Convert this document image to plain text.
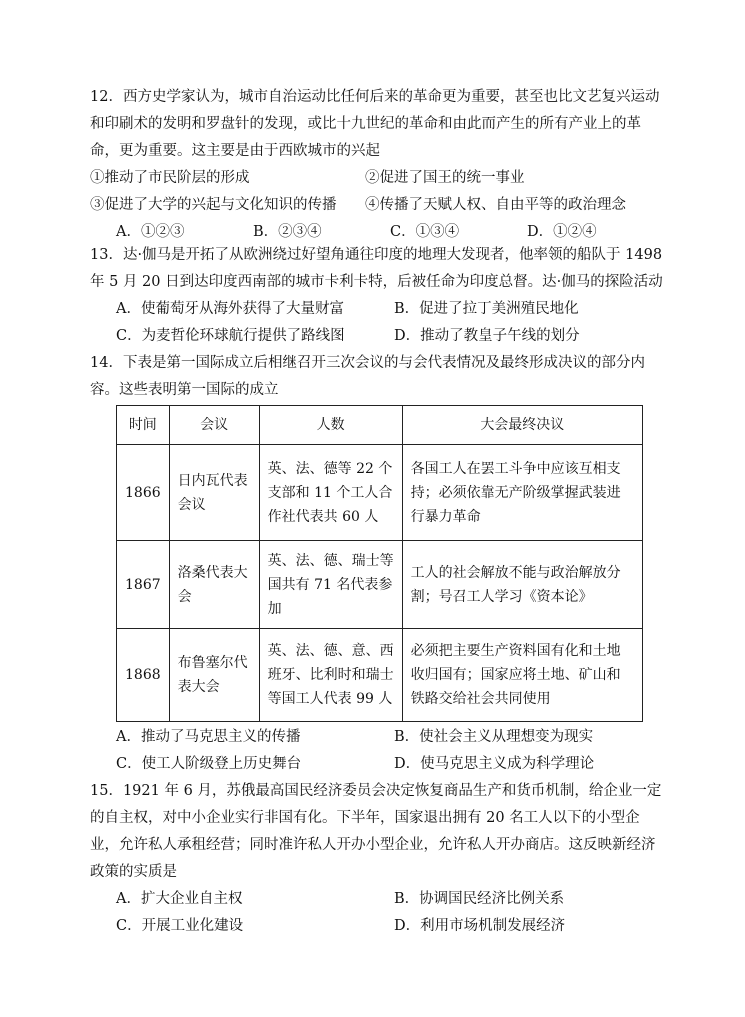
12．西方史学家认为，城市自治运动比任何后来的革命更为重要，甚至也比文艺复兴运动和印刷术的发明和罗盘针的发现，或比十九世纪的革命和由此而产生的所有产业上的革命，更为重要。这主要是由于西欧城市的兴起
①推动了市民阶层的形成	②促进了国王的统一事业
③促进了大学的兴起与文化知识的传播	④传播了天赋人权、自由平等的政治理念
A．①②③	B．②③④	C．①③④	D．①②④
13．达·伽马是开拓了从欧洲绕过好望角通往印度的地理大发现者，他率领的船队于 1498 年 5 月 20 日到达印度西南部的城市卡利卡特，后被任命为印度总督。达·伽马的探险活动
A．使葡萄牙从海外获得了大量财富	B．促进了拉丁美洲殖民地化
C．为麦哲伦环球航行提供了路线图	D．推动了教皇子午线的划分
14．下表是第一国际成立后相继召开三次会议的与会代表情况及最终形成决议的部分内容。这些表明第一国际的成立
时间	会议	人数	大会最终决议
1866	日内瓦代表会议	英、法、德等 22 个支部和 11 个工人合作社代表共 60 人	各国工人在罢工斗争中应该互相支持；必须依靠无产阶级掌握武装进行暴力革命
1867	洛桑代表大会	英、法、德、瑞士等国共有 71 名代表参加	工人的社会解放不能与政治解放分割；号召工人学习《资本论》
1868	布鲁塞尔代表大会	英、法、德、意、西班牙、比利时和瑞士等国工人代表 99 人	必须把主要生产资料国有化和土地收归国有；国家应将土地、矿山和铁路交给社会共同使用
A．推动了马克思主义的传播	B．使社会主义从理想变为现实
C．使工人阶级登上历史舞台	D．使马克思主义成为科学理论
15．1921 年 6 月，苏俄最高国民经济委员会决定恢复商品生产和货币机制，给企业一定的自主权，对中小企业实行非国有化。下半年，国家退出拥有 20 名工人以下的小型企业，允许私人承租经营；同时准许私人开办小型企业，允许私人开办商店。这反映新经济政策的实质是
A．扩大企业自主权	B．协调国民经济比例关系
C．开展工业化建设	D．利用市场机制发展经济
